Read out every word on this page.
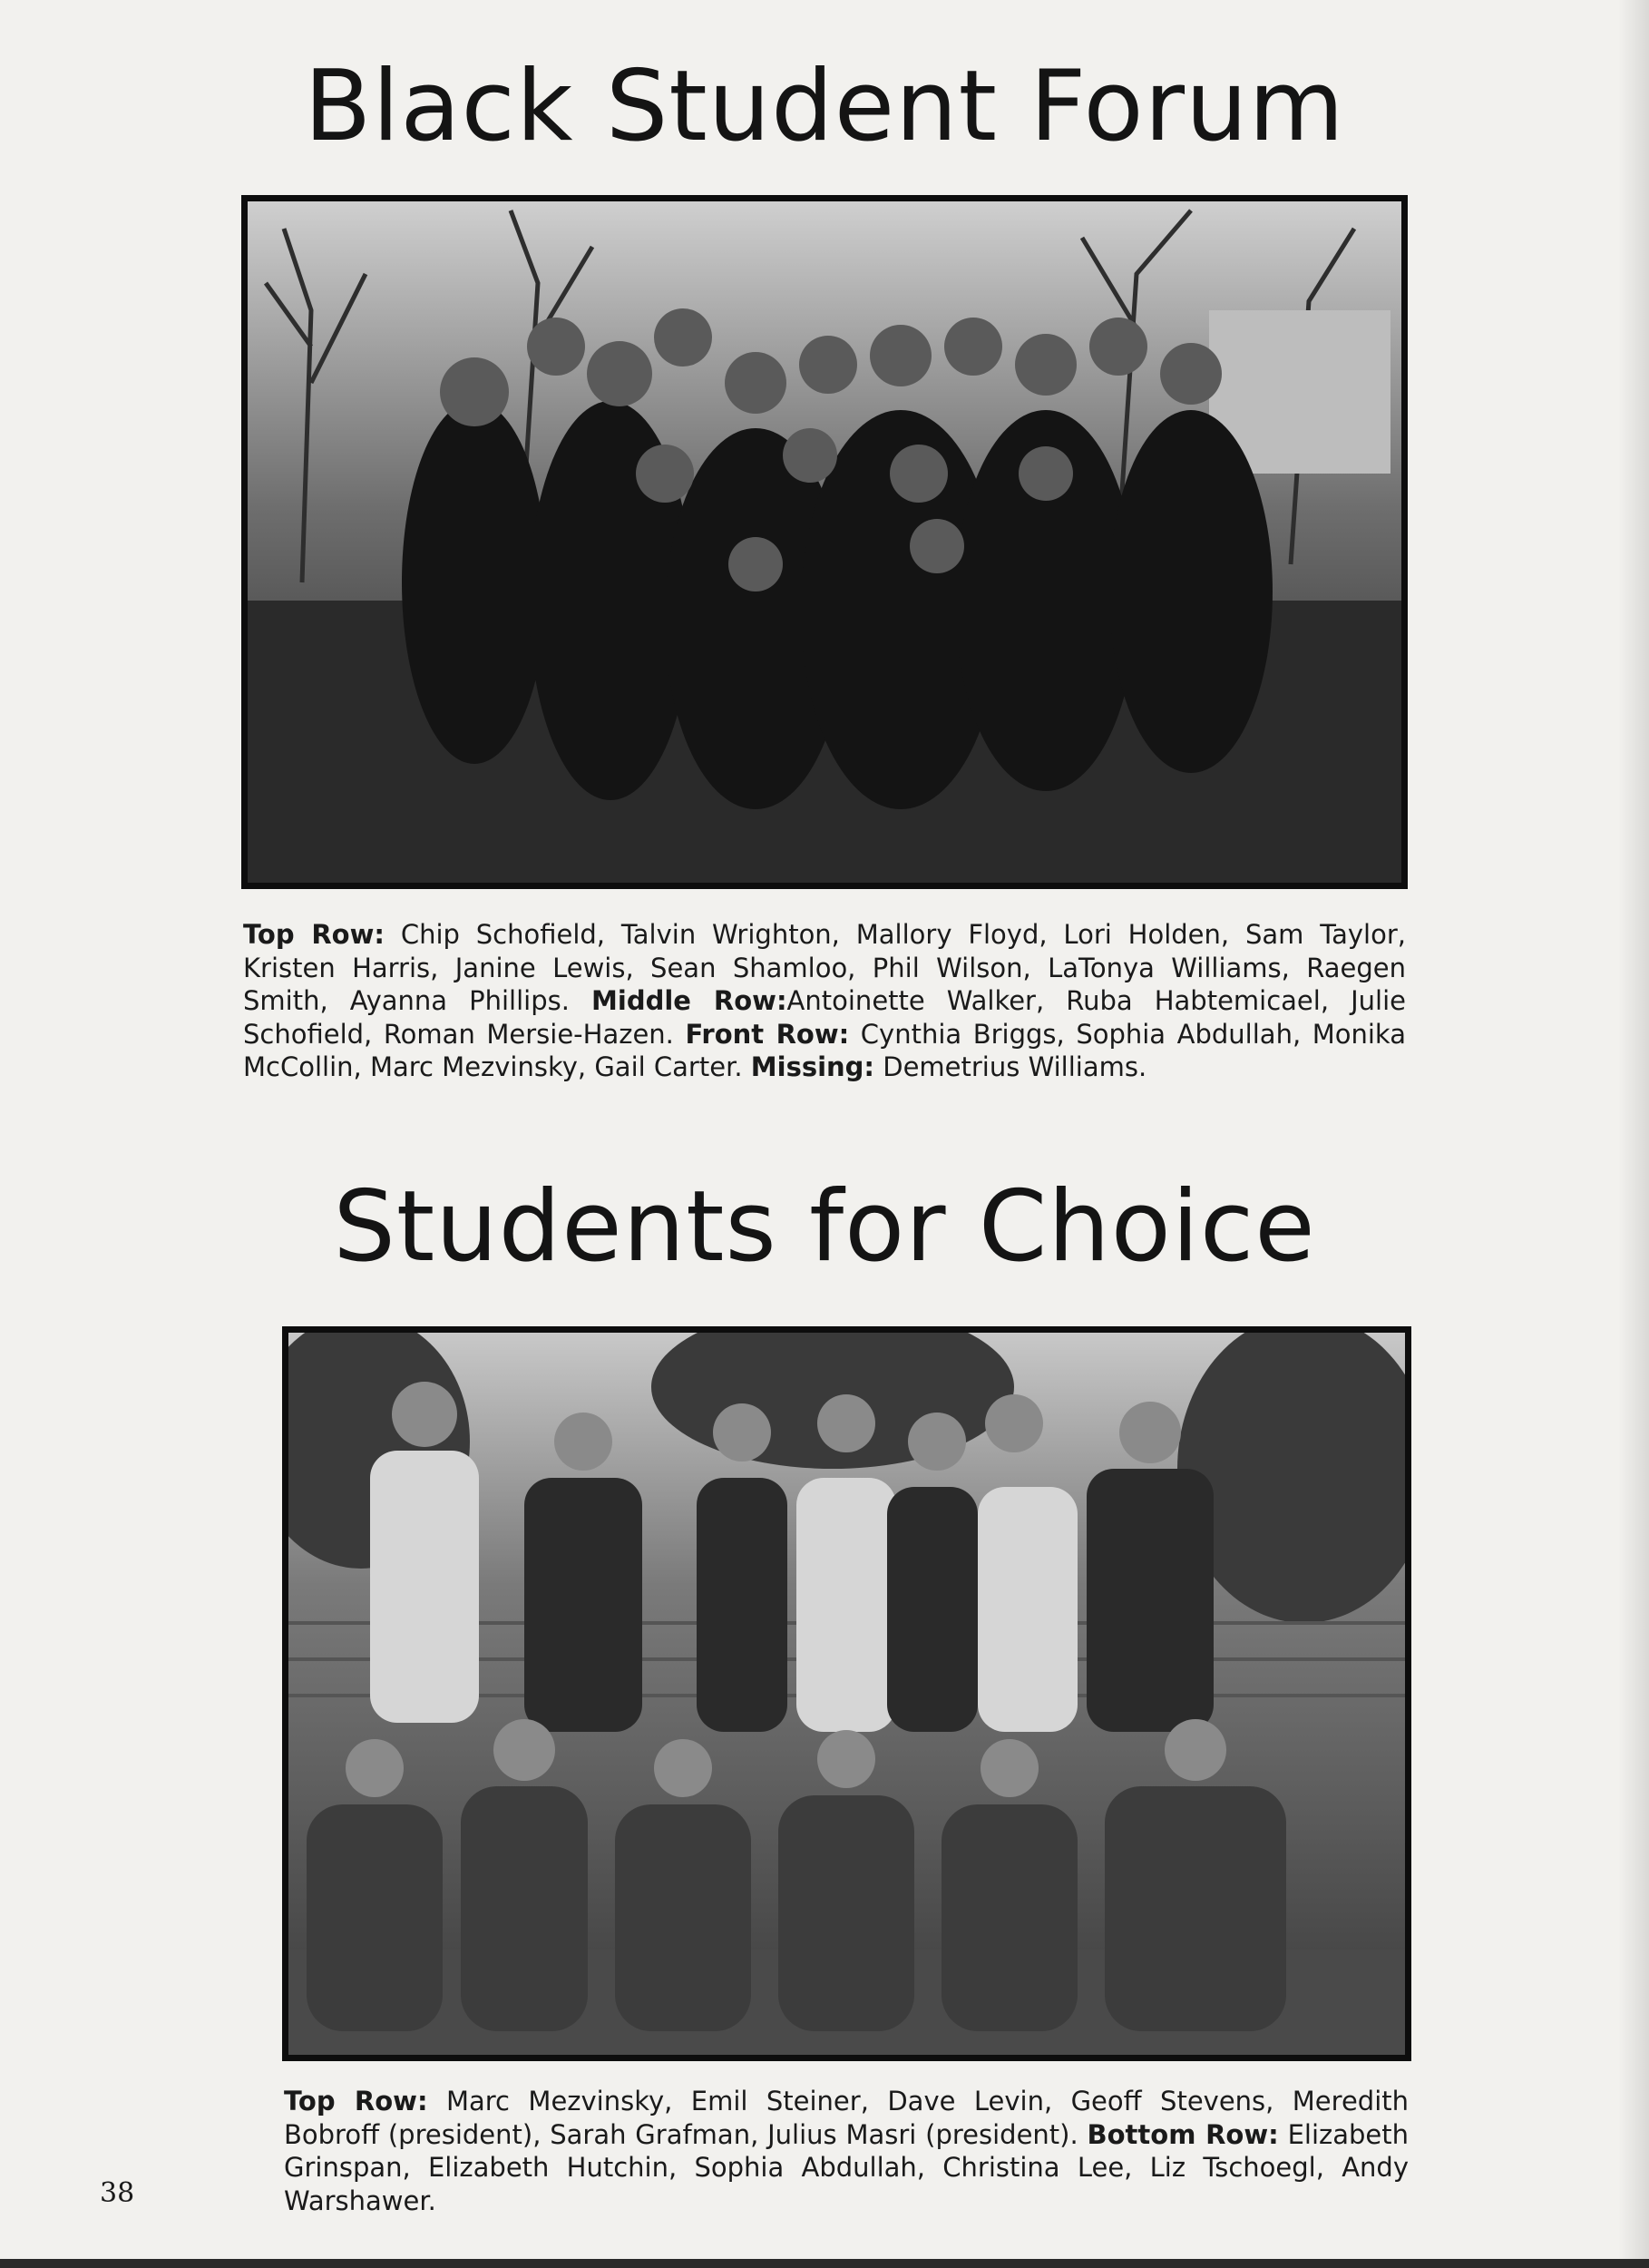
Black Student Forum
Top Row: Chip Schofield, Talvin Wrighton, Mallory Floyd, Lori Holden, Sam Taylor, Kristen Harris, Janine Lewis, Sean Shamloo, Phil Wilson, LaTonya Williams, Raegen Smith, Ayanna Phillips. Middle Row:Antoinette Walker, Ruba Habtemicael, Julie Schofield, Roman Mersie-Hazen. Front Row: Cynthia Briggs, Sophia Abdullah, Monika McCollin, Marc Mezvinsky, Gail Carter. Missing: Demetrius Williams.
Students for Choice
Top Row: Marc Mezvinsky, Emil Steiner, Dave Levin, Geoff Stevens, Meredith Bobroff (president), Sarah Grafman, Julius Masri (president). Bottom Row: Elizabeth Grinspan, Elizabeth Hutchin, Sophia Abdullah, Christina Lee, Liz Tschoegl, Andy Warshawer.
38
